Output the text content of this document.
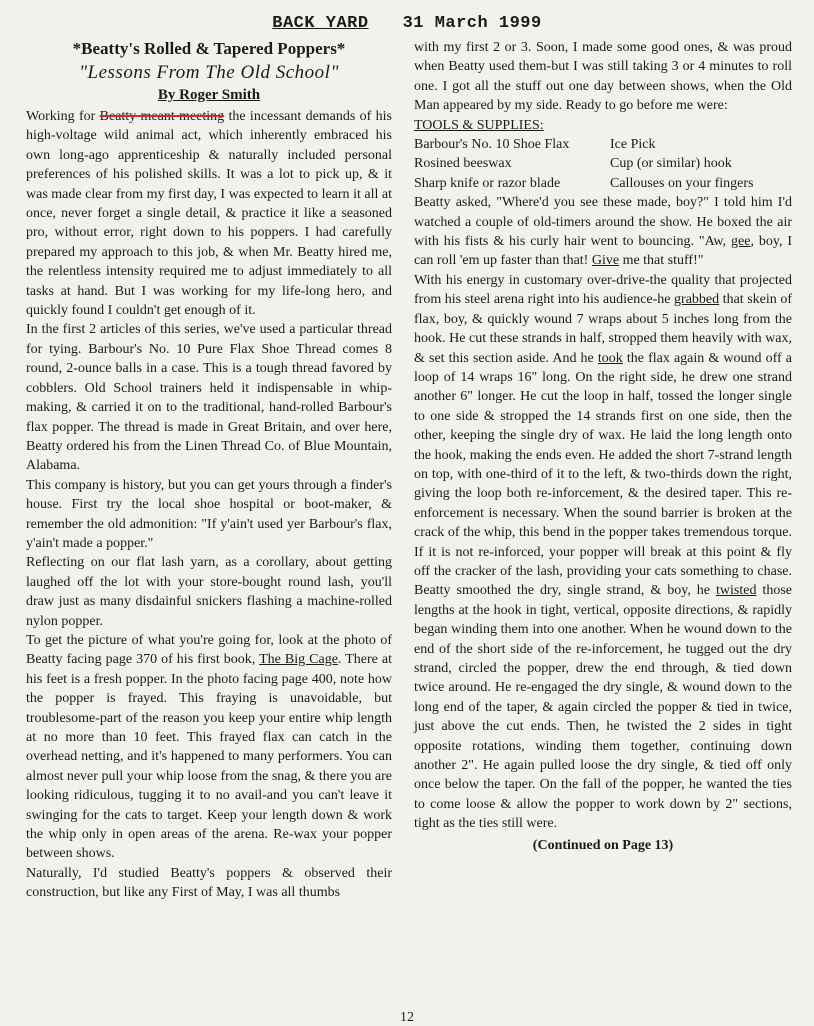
BACK YARD 31 March 1999
*Beatty's Rolled & Tapered Poppers*
"Lessons From The Old School"
By Roger Smith

Working for Beatty meant meeting the incessant demands of his high-voltage wild animal act, which inherently embraced his own long-ago apprenticeship & naturally included personal preferences of his polished skills. It was a lot to pick up, & it was made clear from my first day, I was expected to learn it all at once, never forget a single detail, & practice it like a seasoned pro, without error, right down to his poppers. I had carefully prepared my approach to this job, & when Mr. Beatty hired me, the relentless intensity required me to adjust immediately to all tasks at hand. But I was working for my life-long hero, and quickly found I couldn't get enough of it.

In the first 2 articles of this series, we've used a particular thread for tying. Barbour's No. 10 Pure Flax Shoe Thread comes 8 round, 2-ounce balls in a case. This is a tough thread favored by cobblers. Old School trainers held it indispensable in whip-making, & carried it on to the traditional, hand-rolled Barbour's flax popper. The thread is made in Great Britain, and over here, Beatty ordered his from the Linen Thread Co. of Blue Mountain, Alabama.

This company is history, but you can get yours through a finder's house. First try the local shoe hospital or boot-maker, & remember the old admonition: "If y'ain't used yer Barbour's flax, y'ain't made a popper."

Reflecting on our flat lash yarn, as a corollary, about getting laughed off the lot with your store-bought round lash, you'll draw just as many disdainful snickers flashing a machine-rolled nylon popper.

To get the picture of what you're going for, look at the photo of Beatty facing page 370 of his first book, The Big Cage. There at his feet is a fresh popper. In the photo facing page 400, note how the popper is frayed. This fraying is unavoidable, but troublesome-part of the reason you keep your entire whip length at no more than 10 feet. This frayed flax can catch in the overhead netting, and it's happened to many performers. You can almost never pull your whip loose from the snag, & there you are looking ridiculous, tugging it to no avail-and you can't leave it swinging for the cats to target. Keep your length down & work the whip only in open areas of the arena. Re-wax your popper between shows.

Naturally, I'd studied Beatty's poppers & observed their construction, but like any First of May, I was all thumbs

with my first 2 or 3. Soon, I made some good ones, & was proud when Beatty used them-but I was still taking 3 or 4 minutes to roll one. I got all the stuff out one day between shows, when the Old Man appeared by my side. Ready to go before me were:

TOOLS & SUPPLIES:

Barbour's No. 10 Shoe Flax	Ice Pick
Rosined beeswax	Cup (or similar) hook
Sharp knife or razor blade	Callouses on your fingers

Beatty asked, "Where'd you see these made, boy?" I told him I'd watched a couple of old-timers around the show. He boxed the air with his fists & his curly hair went to bouncing. "Aw, gee, boy, I can roll 'em up faster than that! Give me that stuff!"

With his energy in customary over-drive-the quality that projected from his steel arena right into his audience-he grabbed that skein of flax, boy, & quickly wound 7 wraps about 5 inches long from the hook. He cut these strands in half, stropped them heavily with wax, & set this section aside. And he took the flax again & wound off a loop of 14 wraps 16" long. On the right side, he drew one strand another 6" longer. He cut the loop in half, tossed the longer single to one side & stropped the 14 strands first on one side, then the other, keeping the single dry of wax. He laid the long length onto the hook, making the ends even. He added the short 7-strand length on top, with one-third of it to the left, & two-thirds down the right, giving the loop both re-inforcement, & the desired taper. This re-enforcement is necessary. When the sound barrier is broken at the crack of the whip, this bend in the popper takes tremendous torque. If it is not re-inforced, your popper will break at this point & fly off the cracker of the lash, providing your cats something to chase. Beatty smoothed the dry, single strand, & boy, he twisted those lengths at the hook in tight, vertical, opposite directions, & rapidly began winding them into one another. When he wound down to the end of the short side of the re-inforcement, he tugged out the dry strand, circled the popper, drew the end through, & tied down twice around. He re-engaged the dry single, & wound down to the long end of the taper, & again circled the popper & tied in twice, just above the cut ends. Then, he twisted the 2 sides in tight opposite rotations, winding them together, continuing down another 2". He again pulled loose the dry single, & tied off only once below the taper. On the fall of the popper, he wanted the ties to come loose & allow the popper to work down by 2" sections, tight as the ties still were.

(Continued on Page 13)
12
